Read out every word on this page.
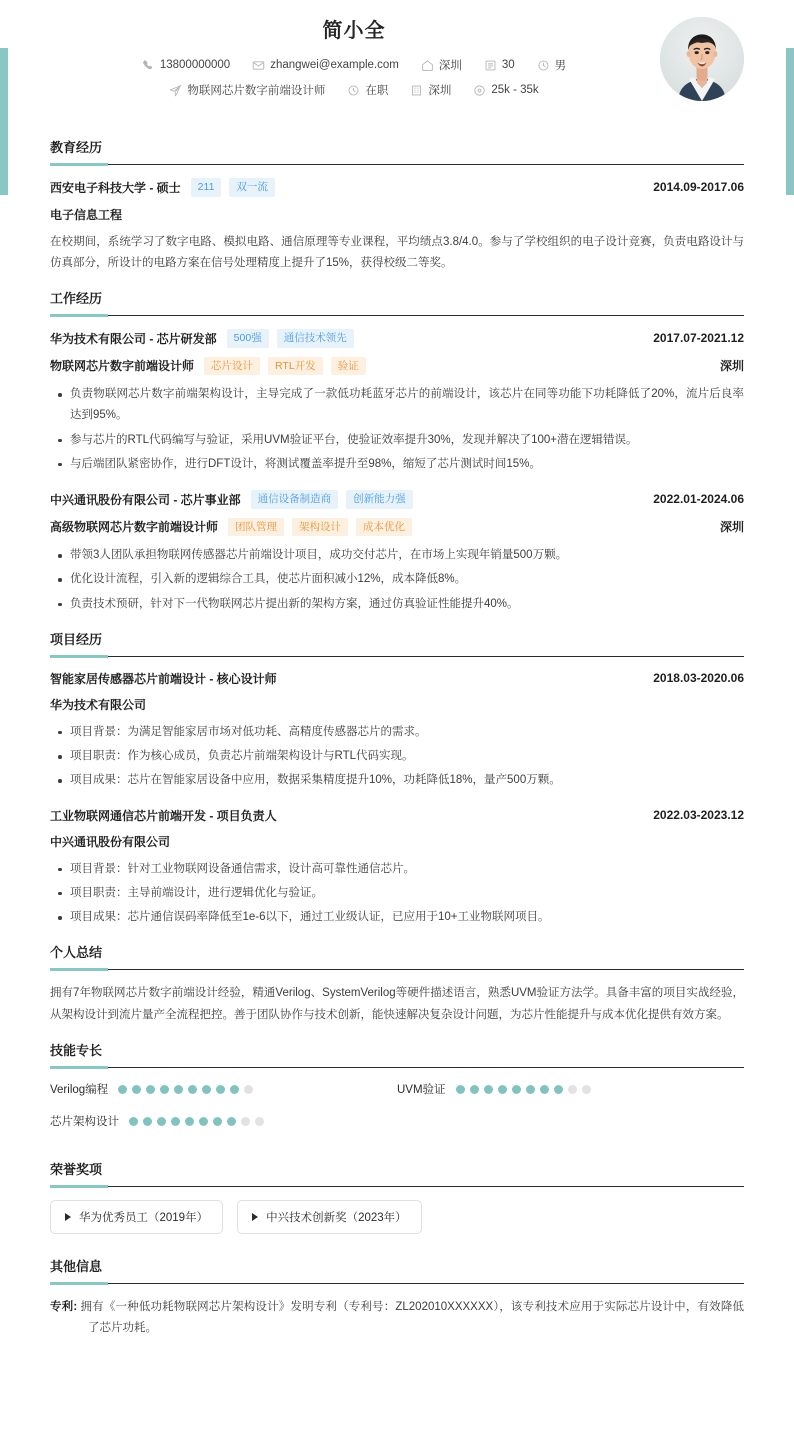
简小全
13800000000	zhangwei@example.com	深圳	30	男
物联网芯片数字前端设计师	在职	深圳	25k - 35k
教育经历
西安电子科技大学 - 硕士	211	双一流	2014.09-2017.06
电子信息工程
在校期间，系统学习了数字电路、模拟电路、通信原理等专业课程，平均绩点3.8/4.0。参与了学校组织的电子设计竞赛，负责电路设计与仿真部分，所设计的电路方案在信号处理精度上提升了15%，获得校级二等奖。
工作经历
华为技术有限公司 - 芯片研发部	500强	通信技术领先	2017.07-2021.12
物联网芯片数字前端设计师	芯片设计	RTL开发	验证	深圳
负责物联网芯片数字前端架构设计，主导完成了一款低功耗蓝牙芯片的前端设计，该芯片在同等功能下功耗降低了20%，流片后良率达到95%。
参与芯片的RTL代码编写与验证，采用UVM验证平台，使验证效率提升30%，发现并解决了100+潜在逻辑错误。
与后端团队紧密协作，进行DFT设计，将测试覆盖率提升至98%，缩短了芯片测试时间15%。
中兴通讯股份有限公司 - 芯片事业部	通信设备制造商	创新能力强	2022.01-2024.06
高级物联网芯片数字前端设计师	团队管理	架构设计	成本优化	深圳
带领3人团队承担物联网传感器芯片前端设计项目，成功交付芯片，在市场上实现年销量500万颗。
优化设计流程，引入新的逻辑综合工具，使芯片面积减小12%，成本降低8%。
负责技术预研，针对下一代物联网芯片提出新的架构方案，通过仿真验证性能提升40%。
项目经历
智能家居传感器芯片前端设计 - 核心设计师	2018.03-2020.06
华为技术有限公司
项目背景：为满足智能家居市场对低功耗、高精度传感器芯片的需求。
项目职责：作为核心成员，负责芯片前端架构设计与RTL代码实现。
项目成果：芯片在智能家居设备中应用，数据采集精度提升10%，功耗降低18%，量产500万颗。
工业物联网通信芯片前端开发 - 项目负责人	2022.03-2023.12
中兴通讯股份有限公司
项目背景：针对工业物联网设备通信需求，设计高可靠性通信芯片。
项目职责：主导前端设计，进行逻辑优化与验证。
项目成果：芯片通信误码率降低至1e-6以下，通过工业级认证，已应用于10+工业物联网项目。
个人总结
拥有7年物联网芯片数字前端设计经验，精通Verilog、SystemVerilog等硬件描述语言，熟悉UVM验证方法学。具备丰富的项目实战经验，从架构设计到流片量产全流程把控。善于团队协作与技术创新，能快速解决复杂设计问题，为芯片性能提升与成本优化提供有效方案。
技能专长
Verilog编程	UVM验证
芯片架构设计
荣誉奖项
华为优秀员工（2019年）	中兴技术创新奖（2023年）
其他信息
专利: 拥有《一种低功耗物联网芯片架构设计》发明专利（专利号：ZL202010XXXXXX），该专利技术应用于实际芯片设计中，有效降低了芯片功耗。
